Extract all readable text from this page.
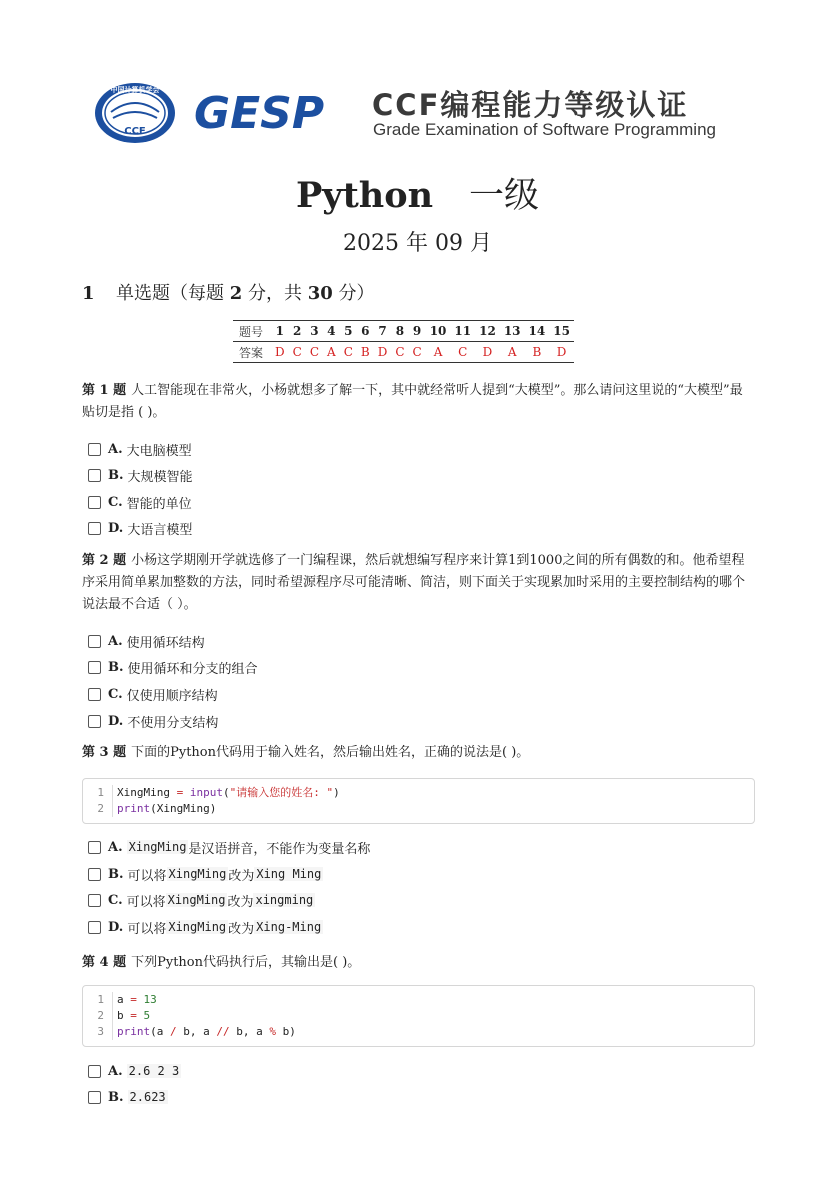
中国计算机学会
CCF GESP CCF编程能力等级认证
Grade Examination of Software Programming
Python 一级
2025 年 09 月
1 单选题（每题 2 分，共 30 分）
题号	1	2	3	4	5	6	7	8	9	10	11	12	13	14	15
答案	D	C	C	A	C	B	D	C	C	A	C	D	A	B	D
第 1 题 人工智能现在非常火，小杨就想多了解一下，其中就经常听人提到“大模型”。那么请问这里说的“大模型”最贴切是指 ( )。
A. 大电脑模型
B. 大规模智能
C. 智能的单位
D. 大语言模型
第 2 题 小杨这学期刚开学就选修了一门编程课，然后就想编写程序来计算1到1000之间的所有偶数的和。他希望程序采用简单累加整数的方法，同时希望源程序尽可能清晰、简洁，则下面关于实现累加时采用的主要控制结构的哪个说法最不合适（ ）。
A. 使用循环结构
B. 使用循环和分支的组合
C. 仅使用顺序结构
D. 不使用分支结构
第 3 题 下面的Python代码用于输入姓名，然后输出姓名，正确的说法是( )。
1	XingMing = input("请输入您的姓名: ")
2	print(XingMing)
A. XingMing 是汉语拼音，不能作为变量名称
B. 可以将 XingMing 改为 Xing Ming
C. 可以将 XingMing 改为 xingming
D. 可以将 XingMing 改为 Xing-Ming
第 4 题 下列Python代码执行后，其输出是( )。
1	a = 13
2	b = 5
3	print(a / b, a // b, a % b)
A. 2.6 2 3
B. 2.623
